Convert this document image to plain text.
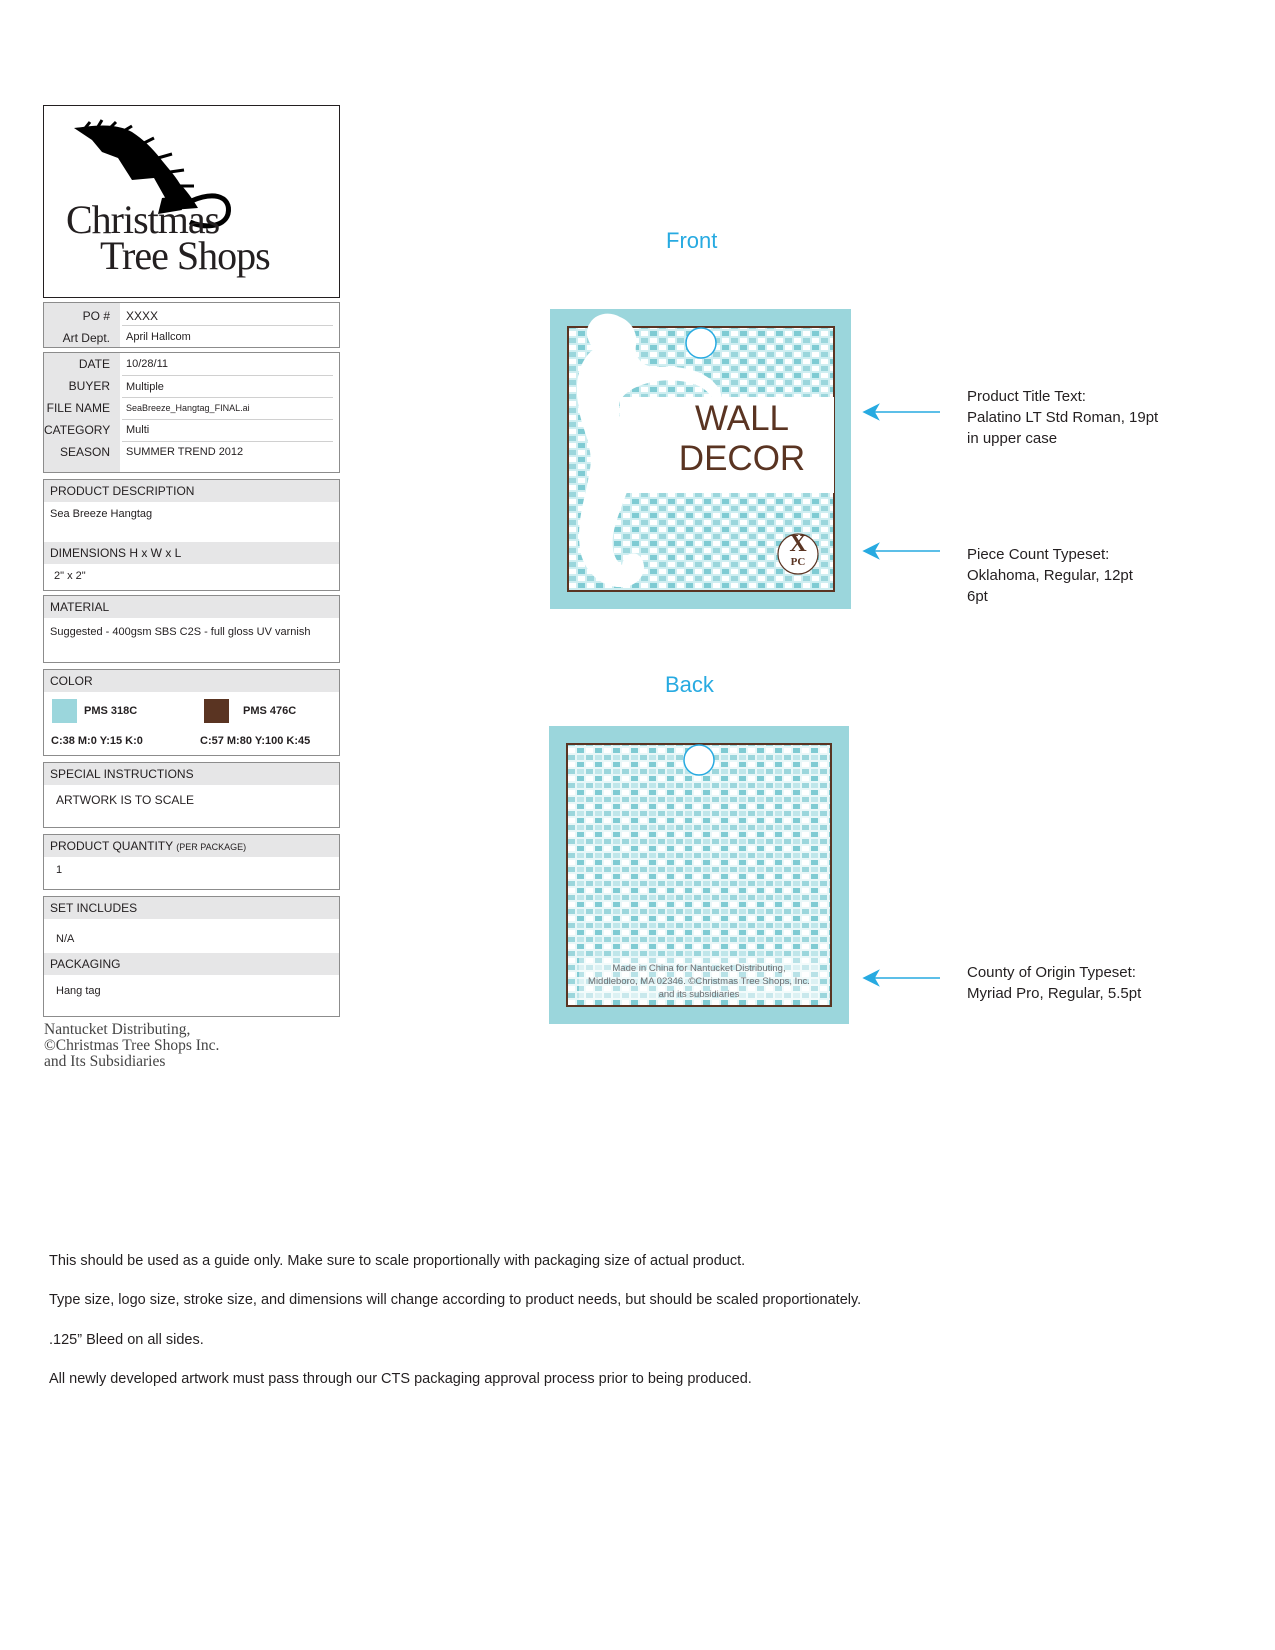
Christmas
Tree Shops
PO # XXXX
Art Dept. April Hallcom
DATE 10/28/11
BUYER Multiple
FILE NAME SeaBreeze_Hangtag_FINAL.ai
CATEGORY Multi
SEASON SUMMER TREND 2012
PRODUCT DESCRIPTION
Sea Breeze Hangtag
DIMENSIONS H x W x L
2" x 2"
MATERIAL
Suggested - 400gsm SBS C2S - full gloss UV varnish
COLOR
PMS 318C	PMS 476C
C:38 M:0 Y:15 K:0	C:57 M:80 Y:100 K:45
SPECIAL INSTRUCTIONS
ARTWORK IS TO SCALE
PRODUCT QUANTITY (PER PACKAGE)
1
SET INCLUDES
N/A
PACKAGING
Hang tag
Nantucket Distributing,
©Christmas Tree Shops Inc.
and Its Subsidiaries
Front
WALL
DECOR
X
PC
Back
Made in China for Nantucket Distributing,
Middleboro, MA 02346. ©Christmas Tree Shops, Inc.
and its subsidiaries
Product Title Text:
Palatino LT Std Roman, 19pt
in upper case
Piece Count Typeset:
Oklahoma, Regular, 12pt
6pt
County of Origin Typeset:
Myriad Pro, Regular, 5.5pt
This should be used as a guide only. Make sure to scale proportionally with packaging size of actual product.
Type size, logo size, stroke size, and dimensions will change according to product needs, but should be scaled proportionately.
.125” Bleed on all sides.
All newly developed artwork must pass through our CTS packaging approval process prior to being produced.
